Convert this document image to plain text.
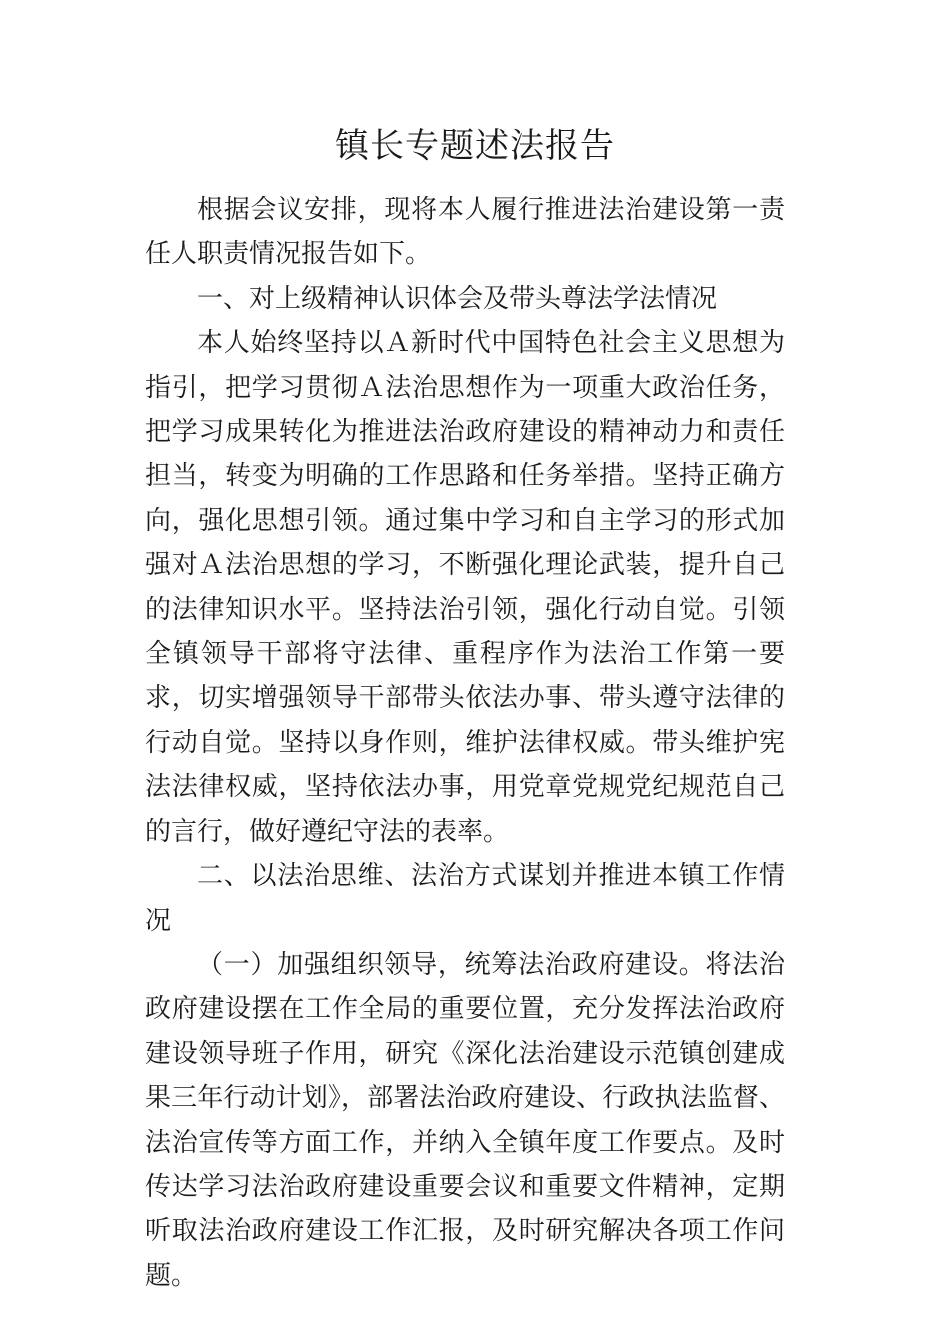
镇长专题述法报告

根据会议安排，现将本人履行推进法治建设第一责任人职责情况报告如下。

一、对上级精神认识体会及带头尊法学法情况

本人始终坚持以Ａ新时代中国特色社会主义思想为指引，把学习贯彻Ａ法治思想作为一项重大政治任务，把学习成果转化为推进法治政府建设的精神动力和责任担当，转变为明确的工作思路和任务举措。坚持正确方向，强化思想引领。通过集中学习和自主学习的形式加强对Ａ法治思想的学习，不断强化理论武装，提升自己的法律知识水平。坚持法治引领，强化行动自觉。引领全镇领导干部将守法律、重程序作为法治工作第一要求，切实增强领导干部带头依法办事、带头遵守法律的行动自觉。坚持以身作则，维护法律权威。带头维护宪法法律权威，坚持依法办事，用党章党规党纪规范自己的言行，做好遵纪守法的表率。

二、以法治思维、法治方式谋划并推进本镇工作情况

（一）加强组织领导，统筹法治政府建设。将法治政府建设摆在工作全局的重要位置，充分发挥法治政府建设领导班子作用，研究《深化法治建设示范镇创建成果三年行动计划》，部署法治政府建设、行政执法监督、法治宣传等方面工作，并纳入全镇年度工作要点。及时传达学习法治政府建设重要会议和重要文件精神，定期听取法治政府建设工作汇报，及时研究解决各项工作问题。
